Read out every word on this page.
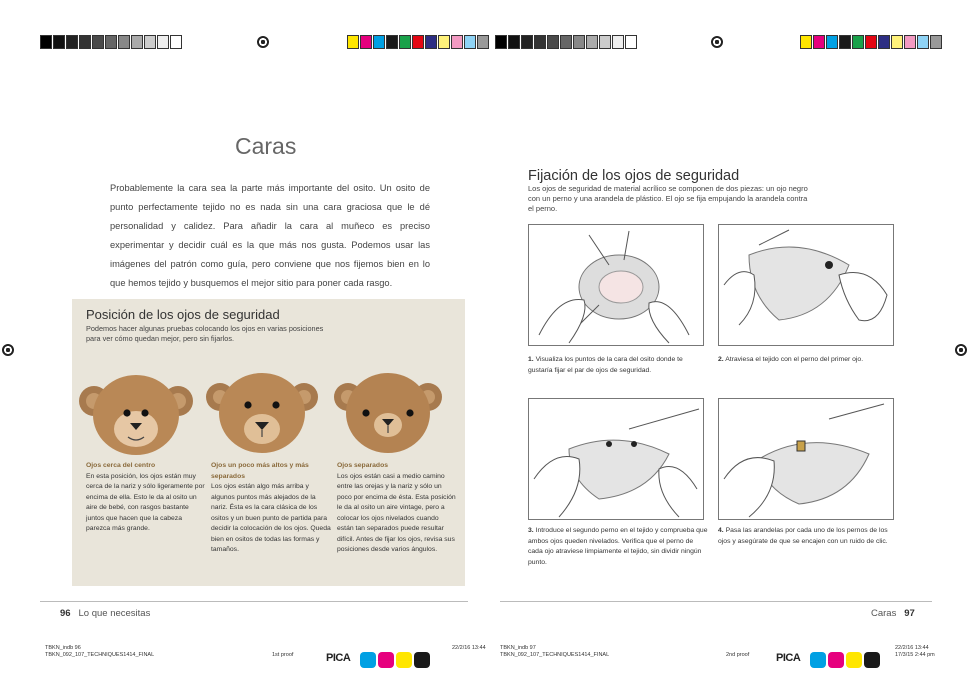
Caras

Probablemente la cara sea la parte más importante del osito. Un osito de punto perfectamente tejido no es nada sin una cara graciosa que le dé personalidad y calidez. Para añadir la cara al muñeco es preciso experimentar y decidir cuál es la que más nos gusta. Podemos usar las imágenes del patrón como guía, pero conviene que nos fijemos bien en lo que hemos tejido y busquemos el mejor sitio para poner cada rasgo.

Posición de los ojos de seguridad
Podemos hacer algunas pruebas colocando los ojos en varias posiciones para ver cómo quedan mejor, pero sin fijarlos.
Ojos cerca del centro
En esta posición, los ojos están muy cerca de la nariz y sólo ligeramente por encima de ella. Esto le da al osito un aire de bebé, con rasgos bastante juntos que hacen que la cabeza parezca más grande.
Ojos un poco más altos y más separados
Los ojos están algo más arriba y algunos puntos más alejados de la nariz. Ésta es la cara clásica de los ositos y un buen punto de partida para decidir la colocación de los ojos. Queda bien en ositos de todas las formas y tamaños.
Ojos separados
Los ojos están casi a medio camino entre las orejas y la nariz y sólo un poco por encima de ésta. Esta posición le da al osito un aire vintage, pero a colocar los ojos nivelados cuando están tan separados puede resultar difícil. Antes de fijar los ojos, revisa sus posiciones desde varios ángulos.
Fijación de los ojos de seguridad
Los ojos de seguridad de material acrílico se componen de dos piezas: un ojo negro con un perno y una arandela de plástico. El ojo se fija empujando la arandela contra el perno.
1. Visualiza los puntos de la cara del osito donde te gustaría fijar el par de ojos de seguridad.
2. Atraviesa el tejido con el perno del primer ojo.
3. Introduce el segundo perno en el tejido y comprueba que ambos ojos queden nivelados. Verifica que el perno de cada ojo atraviese limpiamente el tejido, sin dividir ningún punto.
4. Pasa las arandelas por cada uno de los pernos de los ojos y asegúrate de que se encajen con un ruido de clic.
96 Lo que necesitas	Caras 97
TBKN_indb 96
TBKN_092_107_TECHNIQUES1414_FINAL
22/2/16 13:44
1st proof	PICA
TBKN_indb 97
TBKN_092_107_TECHNIQUES1414_FINAL	2nd proof PICA
22/2/16 13:44
17/3/15 2:44 pm
